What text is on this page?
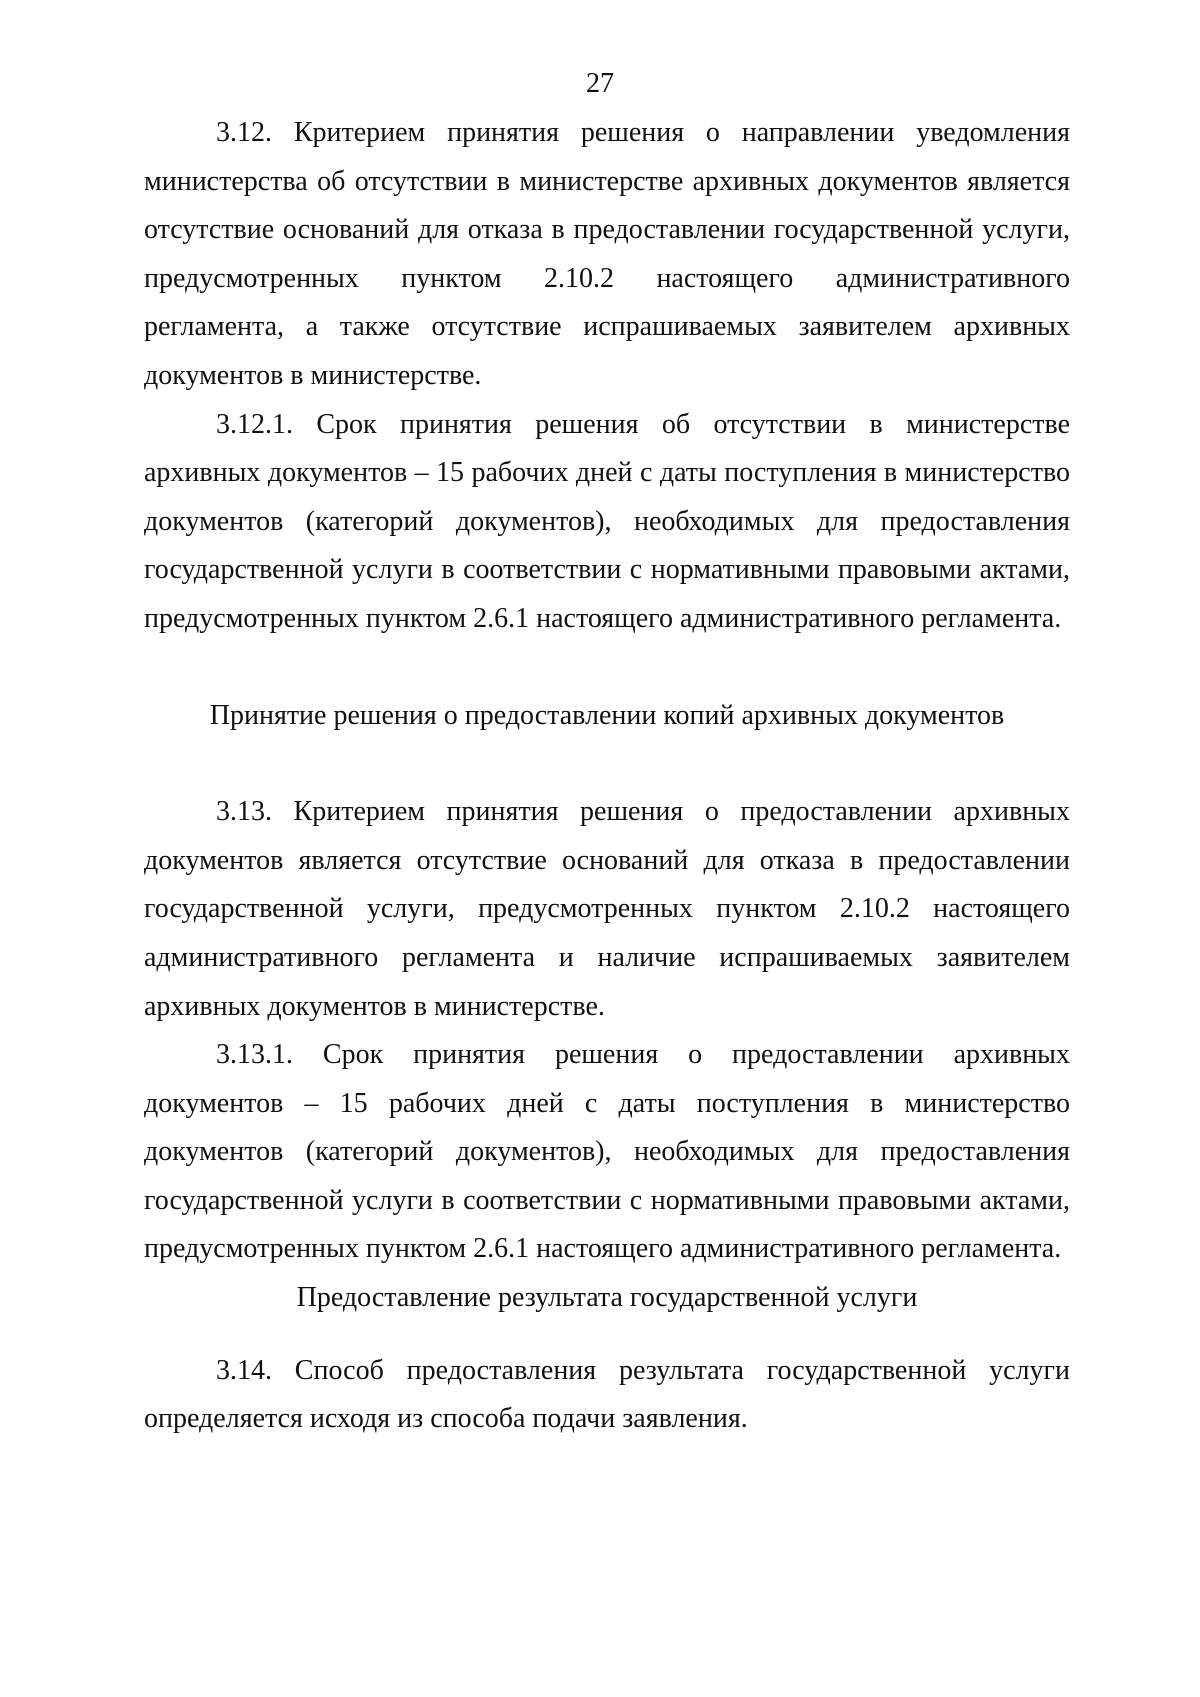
27

3.12. Критерием принятия решения о направлении уведомления министерства об отсутствии в министерстве архивных документов является отсутствие оснований для отказа в предоставлении государственной услуги, предусмотренных пунктом 2.10.2 настоящего административного регламента, а также отсутствие испрашиваемых заявителем архивных документов в министерстве.

3.12.1. Срок принятия решения об отсутствии в министерстве архивных документов – 15 рабочих дней с даты поступления в министерство документов (категорий документов), необходимых для предоставления государственной услуги в соответствии с нормативными правовыми актами, предусмотренных пунктом 2.6.1 настоящего административного регламента.

Принятие решения о предоставлении копий архивных документов

3.13. Критерием принятия решения о предоставлении архивных документов является отсутствие оснований для отказа в предоставлении государственной услуги, предусмотренных пунктом 2.10.2 настоящего административного регламента и наличие испрашиваемых заявителем архивных документов в министерстве.

3.13.1. Срок принятия решения о предоставлении архивных документов – 15 рабочих дней с даты поступления в министерство документов (категорий документов), необходимых для предоставления государственной услуги в соответствии с нормативными правовыми актами, предусмотренных пунктом 2.6.1 настоящего административного регламента.

Предоставление результата государственной услуги

3.14. Способ предоставления результата государственной услуги определяется исходя из способа подачи заявления.
